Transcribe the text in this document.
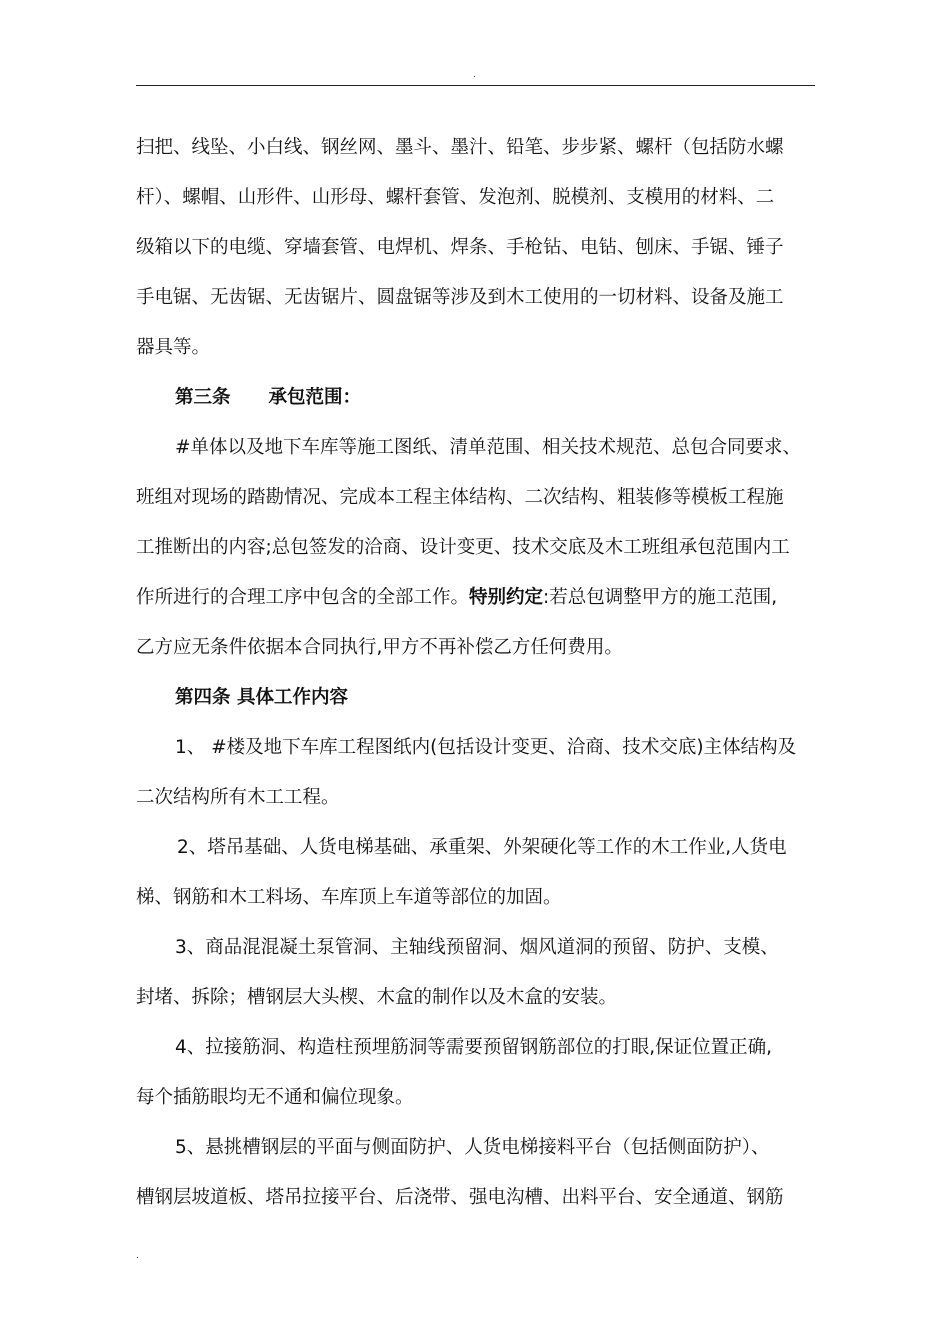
.
扫把、线坠、小白线、钢丝网、墨斗、墨汁、铅笔、步步紧、螺杆（包括防水螺
杆）、螺帽、山形件、山形母、螺杆套管、发泡剂、脱模剂、支模用的材料、二
级箱以下的电缆、穿墙套管、电焊机、焊条、手枪钻、电钻、刨床、手锯、锤子
手电锯、无齿锯、无齿锯片、圆盘锯等涉及到木工使用的一切材料、设备及施工
器具等。
第三条 承包范围：
#单体以及地下车库等施工图纸、清单范围、相关技术规范、总包合同要求、
班组对现场的踏勘情况、完成本工程主体结构、二次结构、粗装修等模板工程施
工推断出的内容;总包签发的洽商、设计变更、技术交底及木工班组承包范围内工
作所进行的合理工序中包含的全部工作。特别约定:若总包调整甲方的施工范围,
乙方应无条件依据本合同执行,甲方不再补偿乙方任何费用。
第四条 具体工作内容
1、 #楼及地下车库工程图纸内(包括设计变更、洽商、技术交底)主体结构及
二次结构所有木工工程。
2、塔吊基础、人货电梯基础、承重架、外架硬化等工作的木工作业,人货电
梯、钢筋和木工料场、车库顶上车道等部位的加固。
3、商品混混凝土泵管洞、主轴线预留洞、烟风道洞的预留、防护、支模、
封堵、拆除；槽钢层大头楔、木盒的制作以及木盒的安装。
4、拉接筋洞、构造柱预埋筋洞等需要预留钢筋部位的打眼,保证位置正确,
每个插筋眼均无不通和偏位现象。
5、悬挑槽钢层的平面与侧面防护、人货电梯接料平台（包括侧面防护）、
槽钢层坡道板、塔吊拉接平台、后浇带、强电沟槽、出料平台、安全通道、钢筋
.
